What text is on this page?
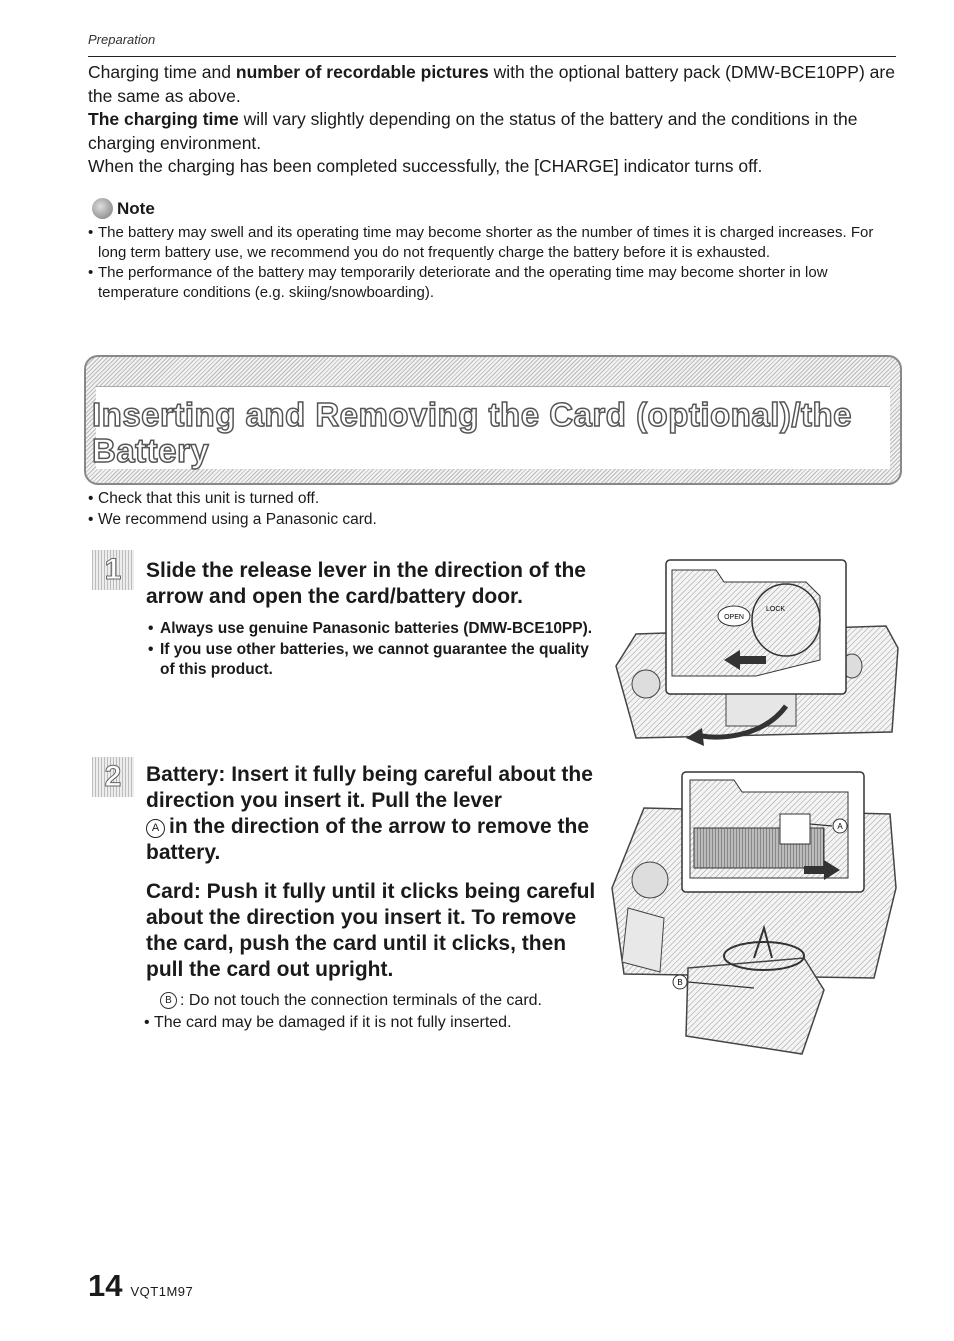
Preparation

Charging time and number of recordable pictures with the optional battery pack (DMW-BCE10PP) are the same as above.

The charging time will vary slightly depending on the status of the battery and the conditions in the charging environment.

When the charging has been completed successfully, the [CHARGE] indicator turns off.

Note
• The battery may swell and its operating time may become shorter as the number of times it is charged increases. For long term battery use, we recommend you do not frequently charge the battery before it is exhausted.
• The performance of the battery may temporarily deteriorate and the operating time may become shorter in low temperature conditions (e.g. skiing/snowboarding).
Inserting and Removing the Card (optional)/the Battery
• Check that this unit is turned off.
• We recommend using a Panasonic card.
1	Slide the release lever in the direction of the arrow and open the card/battery door.
• Always use genuine Panasonic batteries (DMW-BCE10PP).
• If you use other batteries, we cannot guarantee the quality of this product.
OPEN
LOCK
2	Battery: Insert it fully being careful about the direction you insert it. Pull the lever
A in the direction of the arrow to remove the battery.
Card: Push it fully until it clicks being careful about the direction you insert it. To remove the card, push the card until it clicks, then pull the card out upright.
B : Do not touch the connection terminals of the card.
• The card may be damaged if it is not fully inserted.
A
B
14 VQT1M97
